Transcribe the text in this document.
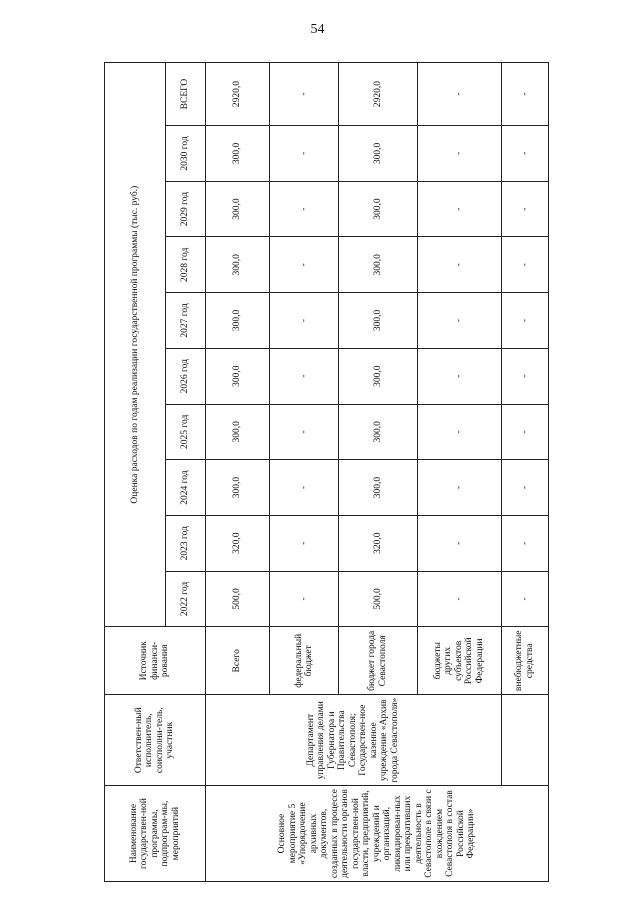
54
Наименование государствен-ной программы, подпрограм-мы, мероприятий	Ответствен-ный исполнитель, соисполни-тель, участник	Источник финанси-рования	Оценка расходов по годам реализации государственной программы (тыс. руб.)									
			2022 год	2023 год	2024 год	2025 год	2026 год	2027 год	2028 год	2029 год	2030 год	ВСЕГО
Основное мероприятие 5 «Упорядочение архивных документов, созданных в процессе деятельности органов государствен-ной власти, предприятий, учреждений и организаций, ликвидирован-ных или прекративших деятельность в Севастополе в связи с вхождением Севастополя в состав Российской Федерации»	Департамент управления делами Губернатора и Правительства Севастополя; Государствен-ное казенное учреждение «Архив города Севастополя»	Всего	500,0	320,0	300,0	300,0	300,0	300,0	300,0	300,0	300,0	2920,0
		федеральный бюджет	-	-	-	-	-	-	-	-	-	-
		бюджет города Севастополя	500,0	320,0	300,0	300,0	300,0	300,0	300,0	300,0	300,0	2920,0
		бюджеты других субъектов Российской Федерации	-	-	-	-	-	-	-	-	-	-
		внебюджетные средства	-	-	-	-	-	-	-	-	-	-
